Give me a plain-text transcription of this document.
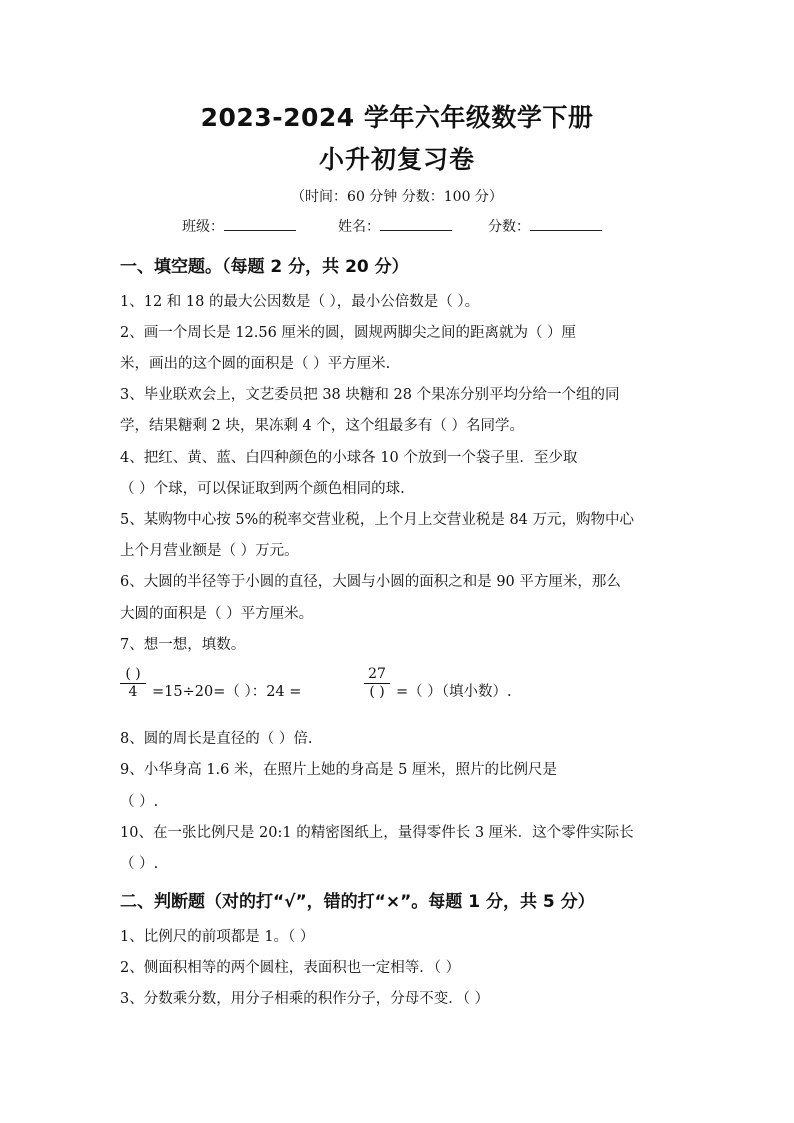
2023-2024 学年六年级数学下册
小升初复习卷
（时间：60 分钟 分数：100 分）
班级：	姓名：	分数：
一、填空题。（每题 2 分，共 20 分）
1、12 和 18 的最大公因数是（ ），最小公倍数是（ ）。
2、画一个周长是 12.56 厘米的圆，圆规两脚尖之间的距离就为（ ）厘
米，画出的这个圆的面积是（ ）平方厘米.
3、毕业联欢会上，文艺委员把 38 块糖和 28 个果冻分别平均分给一个组的同
学，结果糖剩 2 块，果冻剩 4 个，这个组最多有（ ）名同学。
4、把红、黄、蓝、白四种颜色的小球各 10 个放到一个袋子里．至少取
（ ）个球，可以保证取到两个颜色相同的球.
5、某购物中心按 5%的税率交营业税，上个月上交营业税是 84 万元，购物中心
上个月营业额是（ ）万元。
6、大圆的半径等于小圆的直径，大圆与小圆的面积之和是 90 平方厘米，那么
大圆的面积是（ ）平方厘米。
7、想一想，填数。
( )
4	=15÷20=（ ）：24 =
27
( ) =（ ）（填小数）.
8、圆的周长是直径的（ ）倍.
9、小华身高 1.6 米，在照片上她的身高是 5 厘米，照片的比例尺是
（ ）.
10、在一张比例尺是 20:1 的精密图纸上，量得零件长 3 厘米．这个零件实际长
（ ）.
二、判断题（对的打“√”，错的打“×”。每题 1 分，共 5 分）
1、比例尺的前项都是 1。（ ）
2、侧面积相等的两个圆柱，表面积也一定相等．（ ）
3、分数乘分数，用分子相乘的积作分子，分母不变．（ ）
